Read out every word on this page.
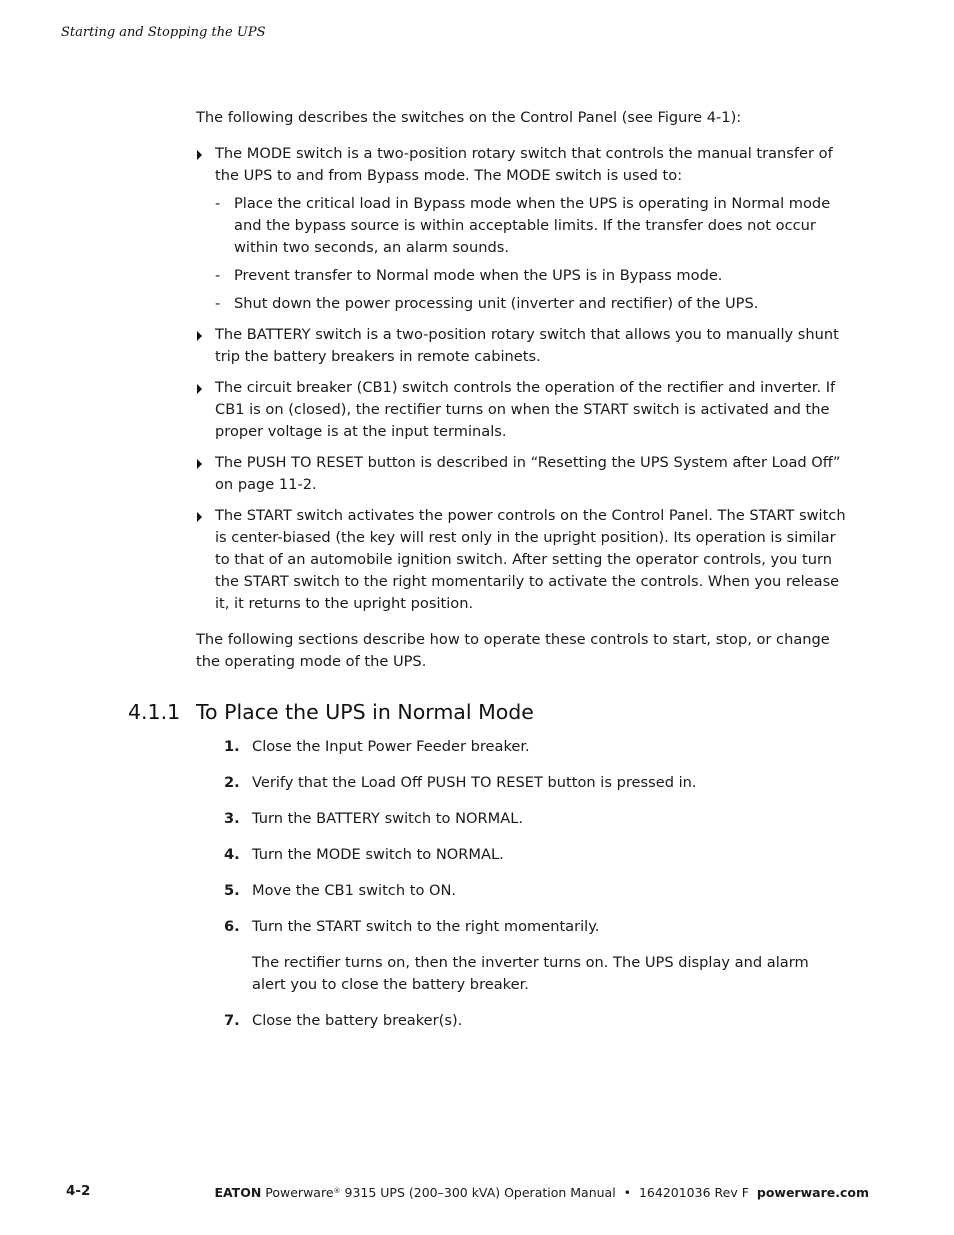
Starting and Stopping the UPS

The following describes the switches on the Control Panel (see Figure 4-1):

The MODE switch is a two-position rotary switch that controls the manual transfer of the UPS to and from Bypass mode. The MODE switch is used to:
- Place the critical load in Bypass mode when the UPS is operating in Normal mode and the bypass source is within acceptable limits. If the transfer does not occur within two seconds, an alarm sounds.
- Prevent transfer to Normal mode when the UPS is in Bypass mode.
- Shut down the power processing unit (inverter and rectifier) of the UPS.
The BATTERY switch is a two-position rotary switch that allows you to manually shunt trip the battery breakers in remote cabinets.
The circuit breaker (CB1) switch controls the operation of the rectifier and inverter. If CB1 is on (closed), the rectifier turns on when the START switch is activated and the proper voltage is at the input terminals.
The PUSH TO RESET button is described in “Resetting the UPS System after Load Off” on page 11-2.
The START switch activates the power controls on the Control Panel. The START switch is center-biased (the key will rest only in the upright position). Its operation is similar to that of an automobile ignition switch. After setting the operator controls, you turn the START switch to the right momentarily to activate the controls. When you release it, it returns to the upright position.

The following sections describe how to operate these controls to start, stop, or change the operating mode of the UPS.

4.1.1 To Place the UPS in Normal Mode
1. Close the Input Power Feeder breaker.
2. Verify that the Load Off PUSH TO RESET button is pressed in.
3. Turn the BATTERY switch to NORMAL.
4. Turn the MODE switch to NORMAL.
5. Move the CB1 switch to ON.
6. Turn the START switch to the right momentarily.
The rectifier turns on, then the inverter turns on. The UPS display and alarm alert you to close the battery breaker.
7. Close the battery breaker(s).
4-2	EATON Powerware® 9315 UPS (200–300 kVA) Operation Manual  •  164201036 Rev F powerware.com
